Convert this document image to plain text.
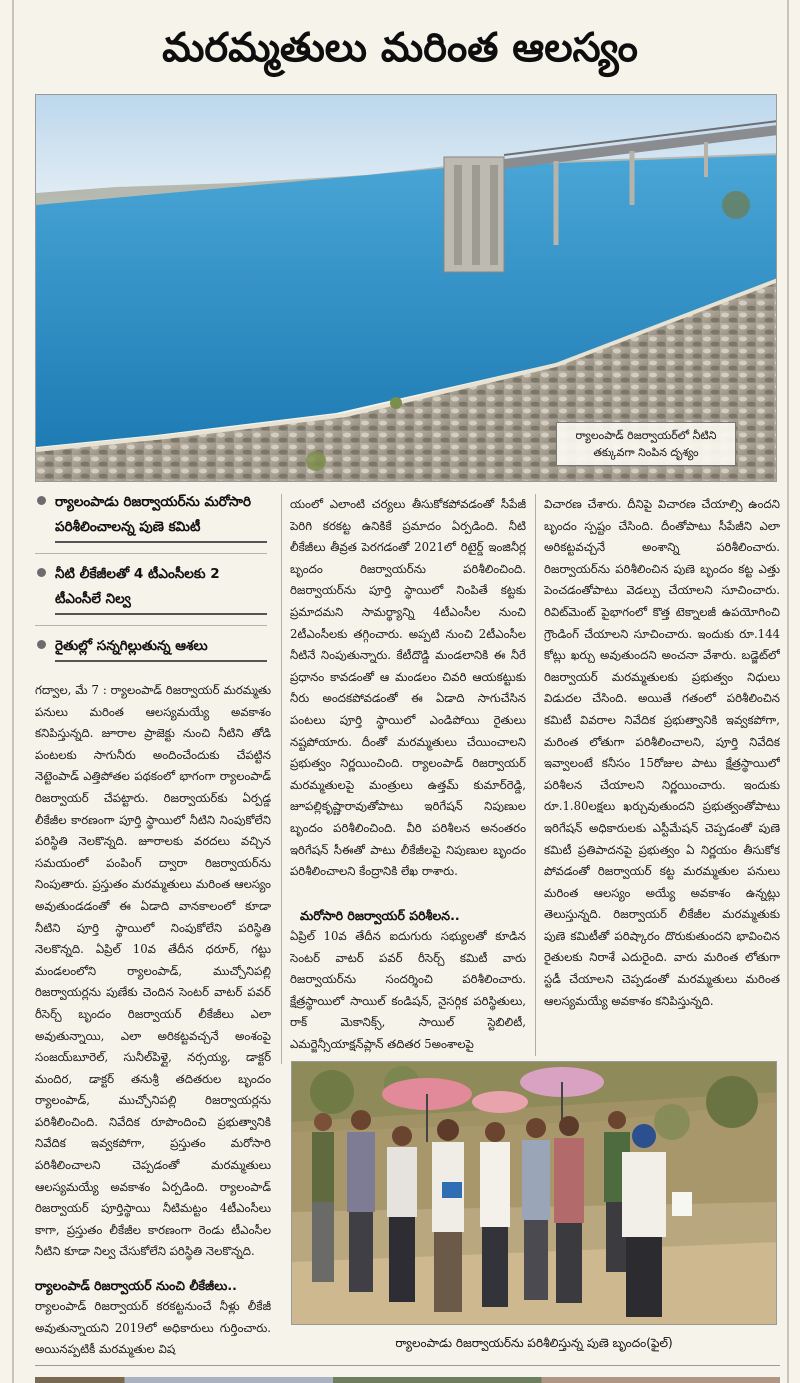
మరమ్మతులు మరింత ఆలస్యం
ర్యాలంపాడ్ రిజర్వాయర్‌లో నీటిని తక్కువగా నింపిన దృశ్యం
ర్యాలంపాడు రిజర్వాయర్‌ను మరోసారి పరిశీలించాలన్న పుణె కమిటీ
నీటి లీకేజీలతో 4 టీఎంసీలకు 2 టీఎంసీలే నిల్వ
రైతుల్లో సన్నగిల్లుతున్న ఆశలు
గద్వాల, మే 7 : ర్యాలంపాడ్ రిజర్వాయర్ మరమ్మతు పనులు మరింత ఆలస్యమయ్యే అవకాశం కనిపిస్తున్నది. జూరాల ప్రాజెక్టు నుంచి నీటిని తోడి పంటలకు సాగునీరు అందించేందుకు చేపట్టిన నెట్టెంపాడ్ ఎత్తిపోతల పథకంలో భాగంగా ర్యాలంపాడ్ రిజర్వాయర్ చేపట్టారు. రిజర్వాయర్‌కు ఏర్పడ్డ లీకేజీల కారణంగా పూర్తి స్థాయిలో నీటిని నింపుకోలేని పరిస్థితి నెలకొన్నది. జూరాలకు వరదలు వచ్చిన సమయంలో పంపింగ్ ద్వారా రిజర్వాయర్‌ను నింపుతారు. ప్రస్తుతం మరమ్మతులు మరింత ఆలస్యం అవుతుండడంతో ఈ ఏడాది వానకాలంలో కూడా నీటిని పూర్తి స్థాయిలో నింపుకోలేని పరిస్థితి నెలకొన్నది. ఏప్రిల్ 10వ తేదీన ధరూర్, గట్టు మండలంలోని ర్యాలంపాడ్, ముచ్చోనిపల్లి రిజర్వాయర్లను పుణేకు చెందిన సెంటర్ వాటర్ పవర్ రీసెర్చ్ బృందం రిజర్వాయర్ లీకేజీలు ఎలా అవుతున్నాయి, ఎలా అరికట్టవచ్చనే అంశంపై సంజయ్‌బూరెల్, సునీల్‌పిళ్లై, నర్సయ్య, డాక్టర్ మందిర, డాక్టర్ తనుశ్రీ తదితరుల బృందం ర్యాలంపాడ్, ముచ్చోనిపల్లి రిజర్వాయర్లను పరిశీలించింది. నివేదిక రూపొందించి ప్రభుత్వానికి నివేదిక ఇవ్వకపోగా, ప్రస్తుతం మరోసారి పరిశీలించాలని చెప్పడంతో మరమ్మతులు ఆలస్యమయ్యే అవకాశం ఏర్పడింది. ర్యాలంపాడ్ రిజర్వాయర్ పూర్తిస్థాయి నీటిమట్టం 4టీఎంసీలు కాగా, ప్రస్తుతం లీకేజీల కారణంగా రెండు టీఎంసీల నీటిని కూడా నిల్వ చేసుకోలేని పరిస్థితి నెలకొన్నది.
ర్యాలంపాడ్ రిజర్వాయర్ నుంచి లీకేజీలు..
ర్యాలంపాడ్ రిజర్వాయర్ కరకట్టనుంచే నీళ్లు లీకేజీ అవుతున్నాయని 2019లో అధికారులు గుర్తించారు. అయినప్పటికీ మరమ్మతుల విష
యంలో ఎలాంటి చర్యలు తీసుకోకపోవడంతో సీపేజీ పెరిగి కరకట్ట ఉనికికే ప్రమాదం ఏర్పడింది. నీటి లీకేజీలు తీవ్రత పెరగడంతో 2021లో రిటైర్డ్ ఇంజినీర్ల బృందం రిజర్వాయర్‌ను పరిశీలించింది. రిజర్వాయర్‌ను పూర్తి స్థాయిలో నింపితే కట్టకు ప్రమాదమని సామర్థ్యాన్ని 4టీఎంసీల నుంచి 2టీఎంసీలకు తగ్గించారు. అప్పటి నుంచి 2టీఎంసీల నీటినే నింపుతున్నారు. కేటీదొడ్డి మండలానికి ఈ నీరే ప్రధానం కావడంతో ఆ మండలం చివరి ఆయకట్టుకు నీరు అందకపోవడంతో ఈ ఏడాది సాగుచేసిన పంటలు పూర్తి స్థాయిలో ఎండిపోయి రైతులు నష్టపోయారు. దీంతో మరమ్మతులు చేయించాలని ప్రభుత్వం నిర్ణయించింది. ర్యాలంపాడ్ రిజర్వాయర్ మరమ్మతులపై మంత్రులు ఉత్తమ్ కుమార్‌రెడ్డి, జూపల్లికృష్ణారావుతోపాటు ఇరిగేషన్ నిపుణుల బృందం పరిశీలించింది. వీరి పరిశీలన అనంతరం ఇరిగేషన్ సీఈతో పాటు లీకేజీలపై నిపుణుల బృందం పరిశీలించాలని కేంద్రానికి లేఖ రాశారు.
మరోసారి రిజర్వాయర్ పరిశీలన..
ఏప్రిల్ 10వ తేదీన ఐదుగురు సభ్యులతో కూడిన సెంటర్ వాటర్ పవర్ రీసెర్చ్ కమిటీ వారు రిజర్వాయర్‌ను సందర్శించి పరిశీలించారు. క్షేత్రస్థాయిలో సాయిల్ కండిషన్, నైసర్గిక పరిస్థితులు, రాక్ మెకానిక్స్, సాయిల్ స్టెబిలిటీ, ఎమర్జెన్సీయాక్షన్‌ప్లాన్ తదితర 5అంశాలపై
విచారణ చేశారు. దీనిపై విచారణ చేయాల్సి ఉందని బృందం స్పష్టం చేసింది. దీంతోపాటు సీపేజీని ఎలా అరికట్టవచ్చనే అంశాన్ని పరిశీలించారు. రిజర్వాయర్‌ను పరిశీలించిన పుణె బృందం కట్ట ఎత్తు పెంచడంతోపాటు వెడల్పు చేయాలని సూచించారు. రివిట్‌మెంట్ పైభాగంలో కొత్త టెక్నాలజీ ఉపయోగించి గ్రౌండింగ్ చేయాలని సూచించారు. ఇందుకు రూ.144 కోట్లు ఖర్చు అవుతుందని అంచనా వేశారు. బడ్జెట్‌లో రిజర్వాయర్ మరమ్మతులకు ప్రభుత్వం నిధులు విడుదల చేసింది. అయితే గతంలో పరిశీలించిన కమిటీ వివరాల నివేదిక ప్రభుత్వానికి ఇవ్వకపోగా, మరింత లోతుగా పరిశీలించాలని, పూర్తి నివేదిక ఇవ్వాలంటే కనీసం 15రోజుల పాటు క్షేత్రస్థాయిలో పరిశీలన చేయాలని నిర్ణయించారు. ఇందుకు రూ.1.80లక్షలు ఖర్చువుతుందని ప్రభుత్వంతోపాటు ఇరిగేషన్ అధికారులకు ఎస్టీమేషన్ చెప్పడంతో పుణె కమిటీ ప్రతిపాదనపై ప్రభుత్వం ఏ నిర్ణయం తీసుకోక పోవడంతో రిజర్వాయర్ కట్ట మరమ్మతుల పనులు మరింత ఆలస్యం అయ్యే అవకాశం ఉన్నట్లు తెలుస్తున్నది. రిజర్వాయర్ లీకేజీల మరమ్మతుకు పుణె కమిటీతో పరిష్కారం దొరుకుతుందని భావించిన రైతులకు నిరాశే ఎదురైంది. వారు మరింత లోతుగా స్టడీ చేయాలని చెప్పడంతో మరమ్మతులు మరింత ఆలస్యమయ్యే అవకాశం కనిపిస్తున్నది.
ర్యాలంపాడు రిజర్వాయర్‌ను పరిశీలిస్తున్న పుణె బృందం(ఫైల్)
